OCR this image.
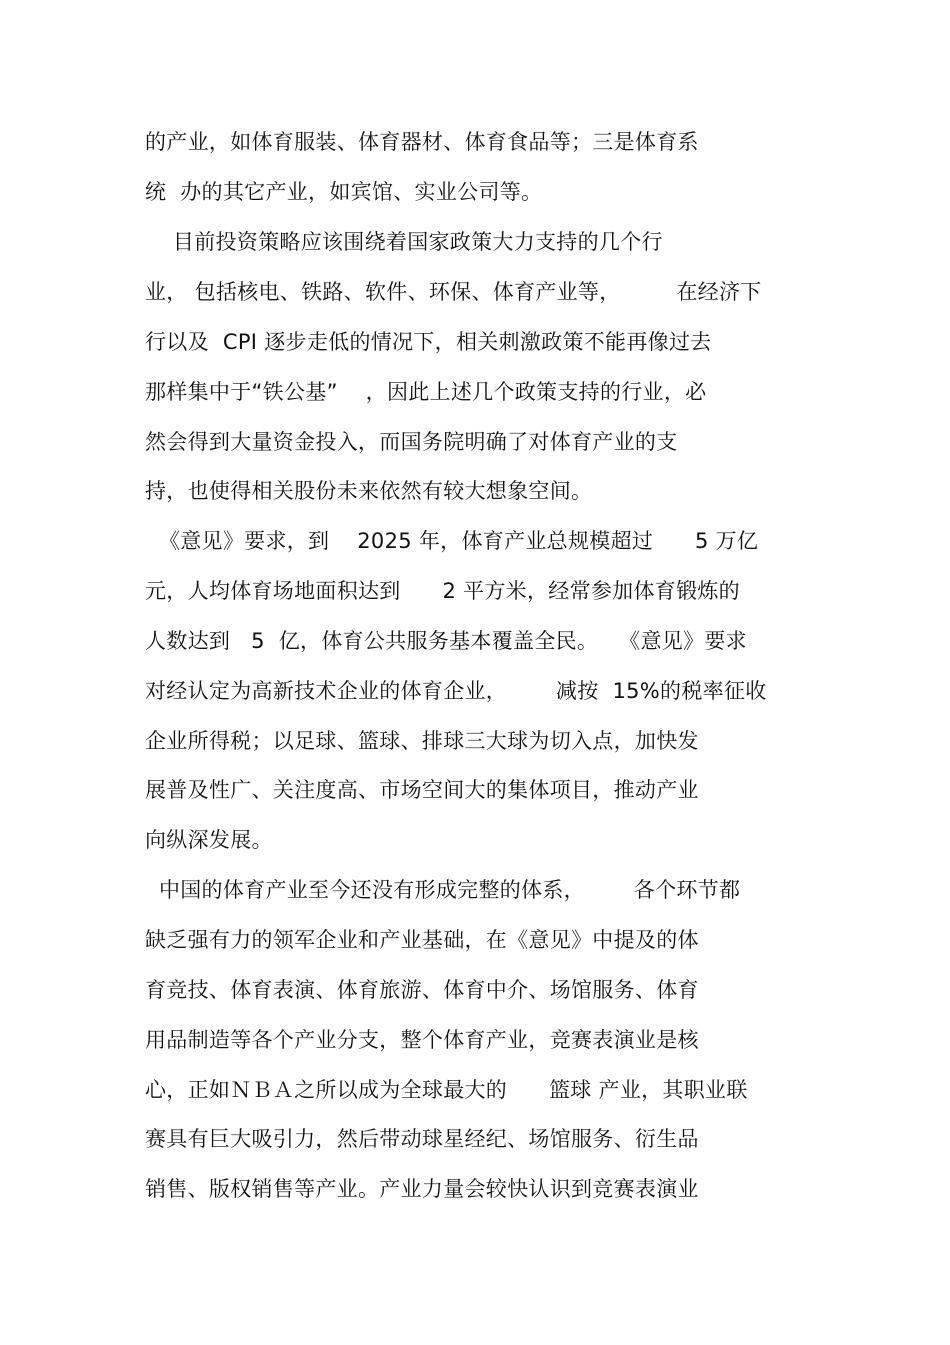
的产业，如体育服装、体育器材、体育食品等；三是体育系
统  办的其它产业，如宾馆、实业公司等。
目前投资策略应该围绕着国家政策大力支持的几个行
业， 包括核电、铁路、软件、环保、体育产业等，        在经济下
行以及  CPI 逐步走低的情况下，相关刺激政策不能再像过去
那样集中于“铁公基”    ，因此上述几个政策支持的行业，必
然会得到大量资金投入，而国务院明确了对体育产业的支
持，也使得相关股份未来依然有较大想象空间。
《意见》要求，到    2025 年，体育产业总规模超过      5 万亿
元，人均体育场地面积达到      2 平方米，经常参加体育锻炼的
人数达到   5  亿，体育公共服务基本覆盖全民。   《意见》要求
对经认定为高新技术企业的体育企业，       减按  15%的税率征收
企业所得税；以足球、篮球、排球三大球为切入点，加快发
展普及性广、关注度高、市场空间大的集体项目，推动产业
向纵深发展。
中国的体育产业至今还没有形成完整的体系，       各个环节都
缺乏强有力的领军企业和产业基础，在《意见》中提及的体
育竞技、体育表演、体育旅游、体育中介、场馆服务、体育
用品制造等各个产业分支，整个体育产业，竞赛表演业是核
心，正如ＮＢＡ之所以成为全球最大的      篮球 产业，其职业联
赛具有巨大吸引力，然后带动球星经纪、场馆服务、衍生品
销售、版权销售等产业。产业力量会较快认识到竞赛表演业
